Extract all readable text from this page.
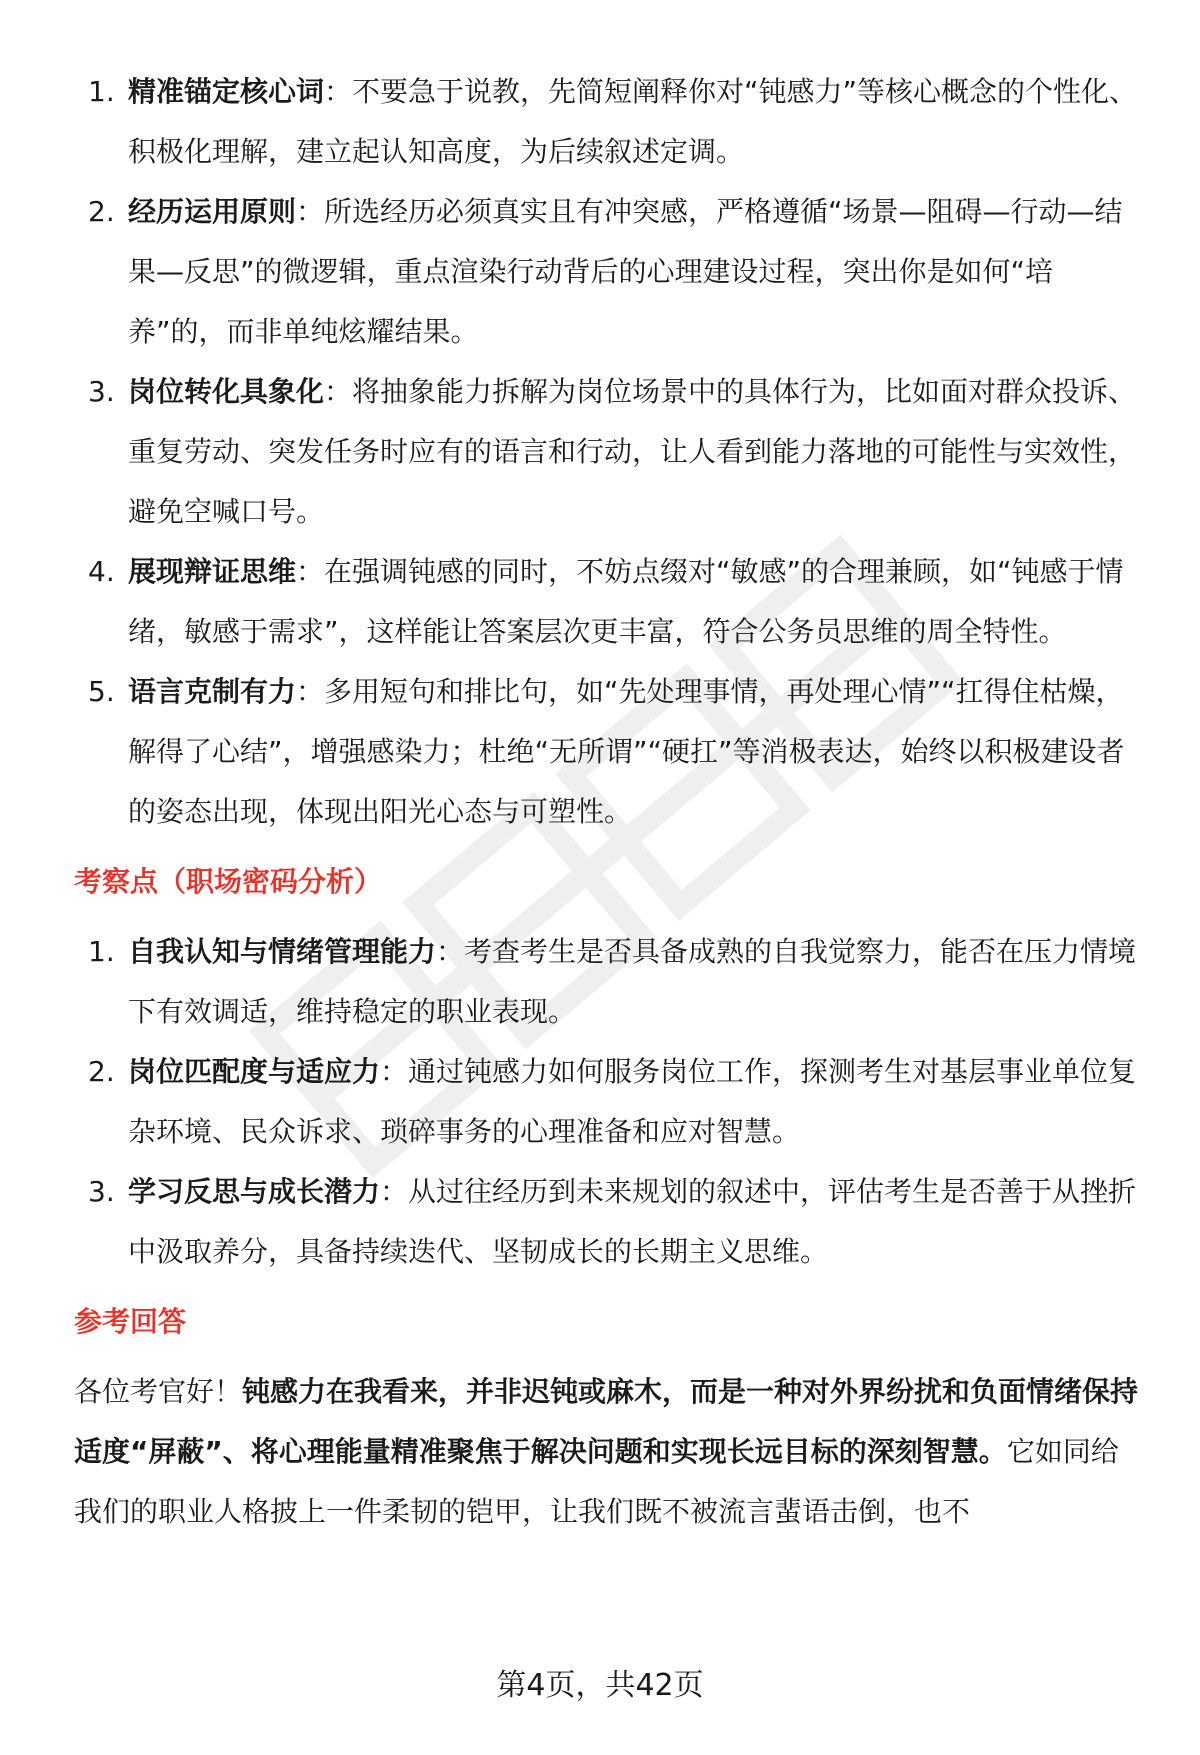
1. 精准锚定核心词：不要急于说教，先简短阐释你对“钝感力”等核心概念的个性化、积极化理解，建立起认知高度，为后续叙述定调。
2. 经历运用原则：所选经历必须真实且有冲突感，严格遵循“场景—阻碍—行动—结果—反思”的微逻辑，重点渲染行动背后的心理建设过程，突出你是如何“培养”的，而非单纯炫耀结果。
3. 岗位转化具象化：将抽象能力拆解为岗位场景中的具体行为，比如面对群众投诉、重复劳动、突发任务时应有的语言和行动，让人看到能力落地的可能性与实效性，避免空喊口号。
4. 展现辩证思维：在强调钝感的同时，不妨点缀对“敏感”的合理兼顾，如“钝感于情绪，敏感于需求”，这样能让答案层次更丰富，符合公务员思维的周全特性。
5. 语言克制有力：多用短句和排比句，如“先处理事情，再处理心情”“扛得住枯燥，解得了心结”，增强感染力；杜绝“无所谓”“硬扛”等消极表达，始终以积极建设者的姿态出现，体现出阳光心态与可塑性。
考察点（职场密码分析）
1. 自我认知与情绪管理能力：考查考生是否具备成熟的自我觉察力，能否在压力情境下有效调适，维持稳定的职业表现。
2. 岗位匹配度与适应力：通过钝感力如何服务岗位工作，探测考生对基层事业单位复杂环境、民众诉求、琐碎事务的心理准备和应对智慧。
3. 学习反思与成长潜力：从过往经历到未来规划的叙述中，评估考生是否善于从挫折中汲取养分，具备持续迭代、坚韧成长的长期主义思维。
参考回答
各位考官好！钝感力在我看来，并非迟钝或麻木，而是一种对外界纷扰和负面情绪保持适度“屏蔽”、将心理能量精准聚焦于解决问题和实现长远目标的深刻智慧。它如同给我们的职业人格披上一件柔韧的铠甲，让我们既不被流言蜚语击倒，也不
第4页，共42页
